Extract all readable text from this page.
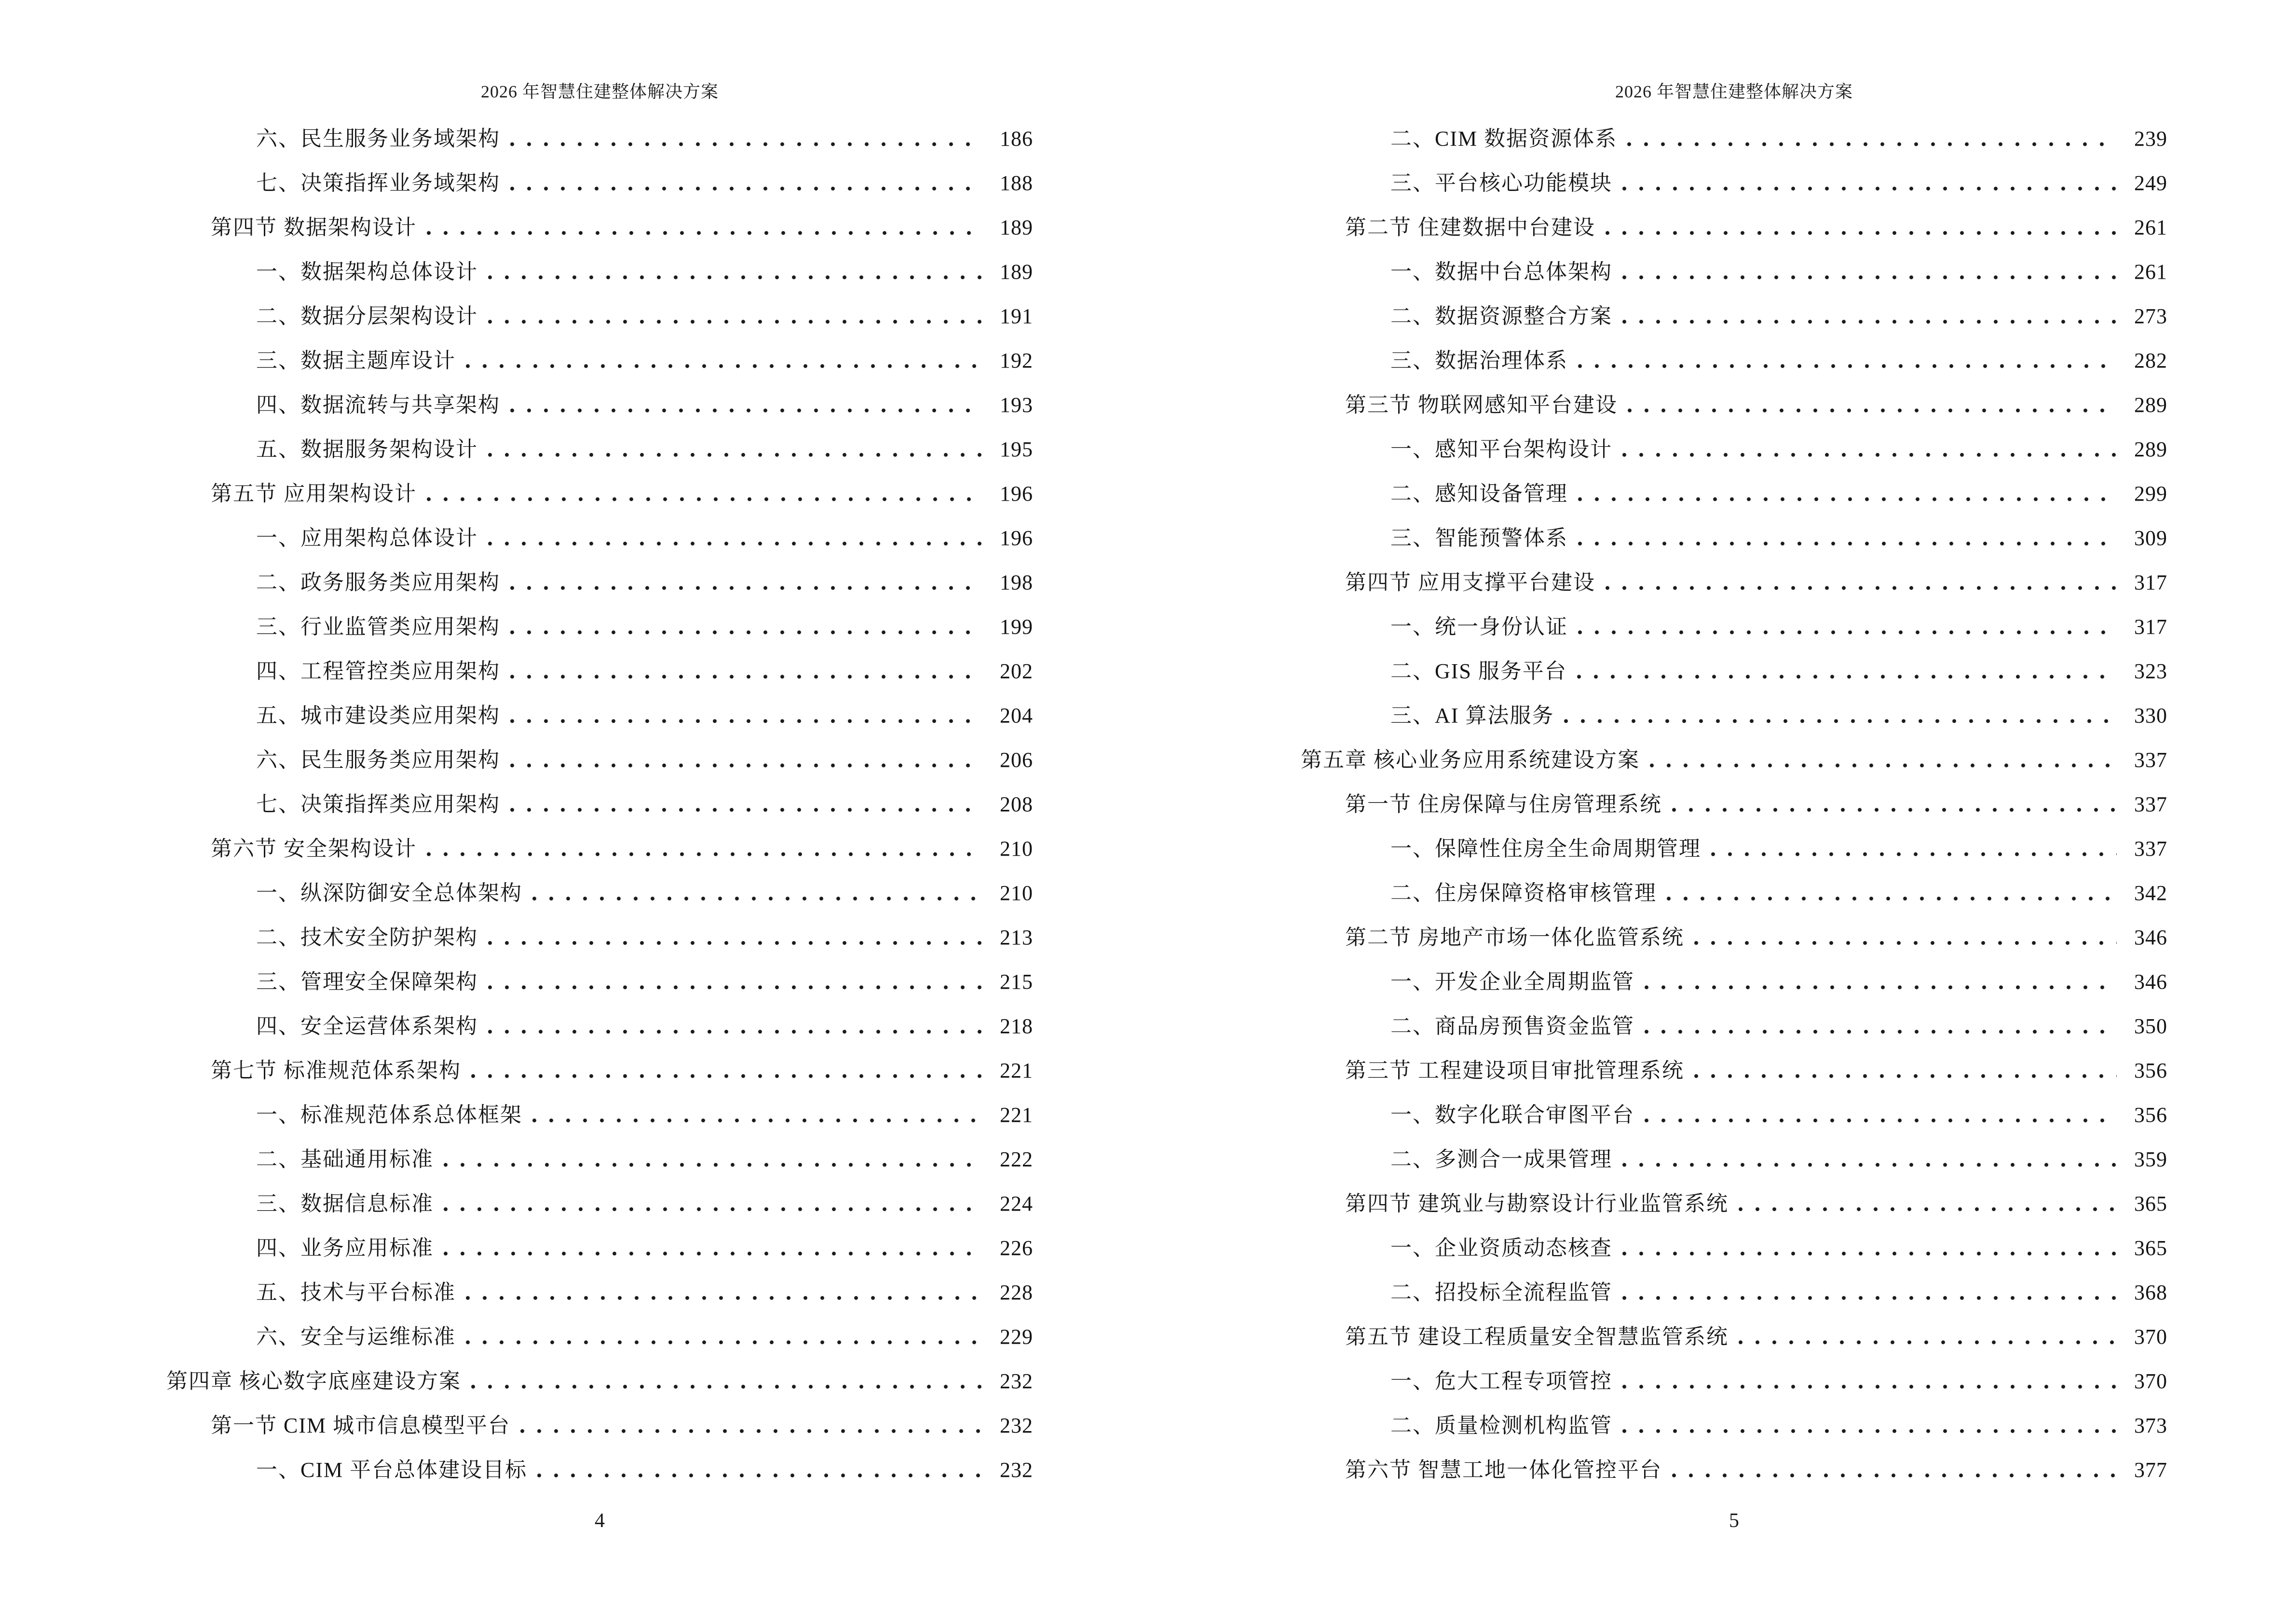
2026 年智慧住建整体解决方案
六、民生服务业务域架构	186
七、决策指挥业务域架构	188
第四节 数据架构设计	189
一、数据架构总体设计	189
二、数据分层架构设计	191
三、数据主题库设计	192
四、数据流转与共享架构	193
五、数据服务架构设计	195
第五节 应用架构设计	196
一、应用架构总体设计	196
二、政务服务类应用架构	198
三、行业监管类应用架构	199
四、工程管控类应用架构	202
五、城市建设类应用架构	204
六、民生服务类应用架构	206
七、决策指挥类应用架构	208
第六节 安全架构设计	210
一、纵深防御安全总体架构	210
二、技术安全防护架构	213
三、管理安全保障架构	215
四、安全运营体系架构	218
第七节 标准规范体系架构	221
一、标准规范体系总体框架	221
二、基础通用标准	222
三、数据信息标准	224
四、业务应用标准	226
五、技术与平台标准	228
六、安全与运维标准	229
第四章 核心数字底座建设方案	232
第一节 CIM 城市信息模型平台	232
一、CIM 平台总体建设目标	232
4
2026 年智慧住建整体解决方案
二、CIM 数据资源体系	239
三、平台核心功能模块	249
第二节 住建数据中台建设	261
一、数据中台总体架构	261
二、数据资源整合方案	273
三、数据治理体系	282
第三节 物联网感知平台建设	289
一、感知平台架构设计	289
二、感知设备管理	299
三、智能预警体系	309
第四节 应用支撑平台建设	317
一、统一身份认证	317
二、GIS 服务平台	323
三、AI 算法服务	330
第五章 核心业务应用系统建设方案	337
第一节 住房保障与住房管理系统	337
一、保障性住房全生命周期管理	337
二、住房保障资格审核管理	342
第二节 房地产市场一体化监管系统	346
一、开发企业全周期监管	346
二、商品房预售资金监管	350
第三节 工程建设项目审批管理系统	356
一、数字化联合审图平台	356
二、多测合一成果管理	359
第四节 建筑业与勘察设计行业监管系统	365
一、企业资质动态核查	365
二、招投标全流程监管	368
第五节 建设工程质量安全智慧监管系统	370
一、危大工程专项管控	370
二、质量检测机构监管	373
第六节 智慧工地一体化管控平台	377
5
